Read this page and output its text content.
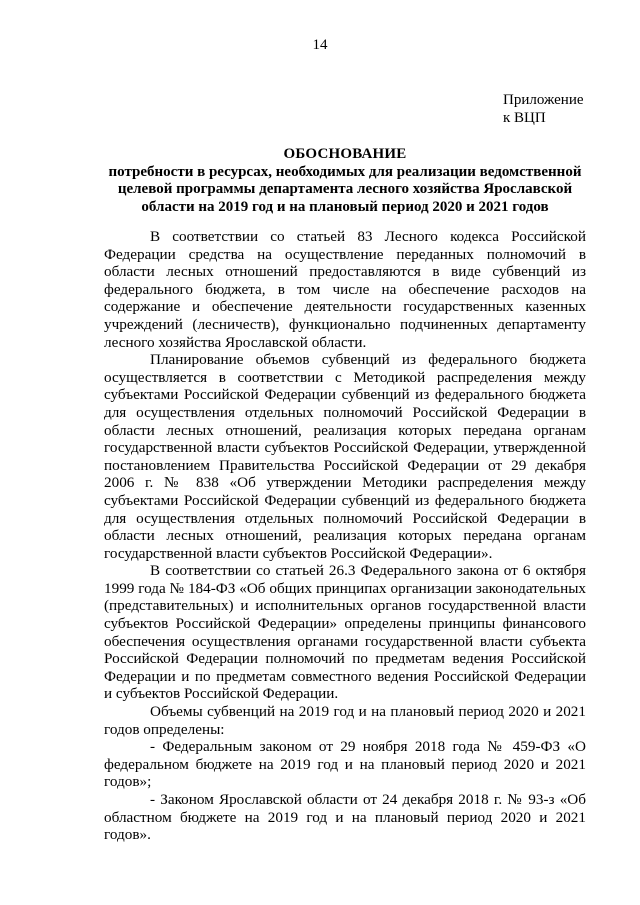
14
Приложение
к ВЦП
ОБОСНОВАНИЕ
потребности в ресурсах, необходимых для реализации ведомственной целевой программы департамента лесного хозяйства Ярославской области на 2019 год и на плановый период 2020 и 2021 годов

В соответствии со статьей 83 Лесного кодекса Российской Федерации средства на осуществление переданных полномочий в области лесных отношений предоставляются в виде субвенций из федерального бюджета, в том числе на обеспечение расходов на содержание и обеспечение деятельности государственных казенных учреждений (лесничеств), функционально подчиненных департаменту лесного хозяйства Ярославской области.

Планирование объемов субвенций из федерального бюджета осуществляется в соответствии с Методикой распределения между субъектами Российской Федерации субвенций из федерального бюджета для осуществления отдельных полномочий Российской Федерации в области лесных отношений, реализация которых передана органам государственной власти субъектов Российской Федерации, утвержденной постановлением Правительства Российской Федерации от 29 декабря 2006 г. № 838 «Об утверждении Методики распределения между субъектами Российской Федерации субвенций из федерального бюджета для осуществления отдельных полномочий Российской Федерации в области лесных отношений, реализация которых передана органам государственной власти субъектов Российской Федерации».

В соответствии со статьей 26.3 Федерального закона от 6 октября 1999 года № 184-ФЗ «Об общих принципах организации законодательных (представительных) и исполнительных органов государственной власти субъектов Российской Федерации» определены принципы финансового обеспечения осуществления органами государственной власти субъекта Российской Федерации полномочий по предметам ведения Российской Федерации и по предметам совместного ведения Российской Федерации и субъектов Российской Федерации.

Объемы субвенций на 2019 год и на плановый период 2020 и 2021 годов определены:

- Федеральным законом от 29 ноября 2018 года № 459-ФЗ «О федеральном бюджете на 2019 год и на плановый период 2020 и 2021 годов»;

- Законом Ярославской области от 24 декабря 2018 г. № 93-з «Об областном бюджете на 2019 год и на плановый период 2020 и 2021 годов».
